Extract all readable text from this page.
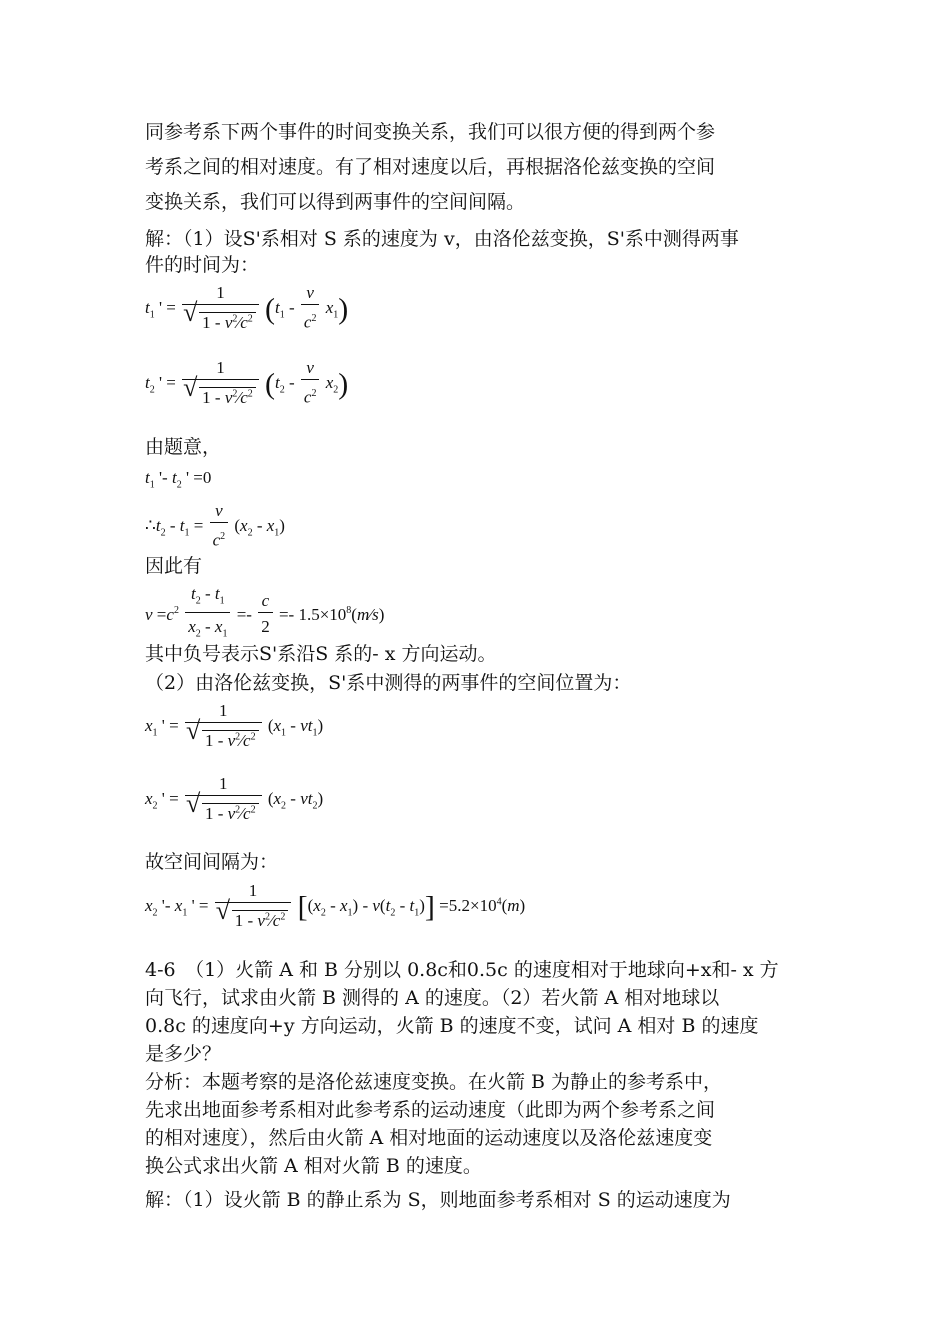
同参考系下两个事件的时间变换关系，我们可以很方便的得到两个参
考系之间的相对速度。有了相对速度以后，再根据洛伦兹变换的空间
变换关系，我们可以得到两事件的空间间隔。
解：（1）设S'系相对 S 系的速度为 v，由洛伦兹变换，S'系中测得两事
件的时间为：
$t_1$ ' = 1
√ $1 - v^2⁄c^2$ $(t_1 - \frac{v}{c^2} x_1)$
$t_2$ ' = 1
√ $1 - v^2⁄c^2$ $(t_2 - \frac{v}{c^2} x_2)$
由题意，
$t_1$ '- $t_2$ ' =0
$\therefore t_2 - t_1 = \frac{v}{c^2} (x_2 - x_1)$
因此有
$v =c^2 \frac{t_2 - t_1}{x_2 - x_1} =- \frac{c}{2}$ =- $1.5\times 10^8(m⁄s)$
其中负号表示S'系沿S 系的- x 方向运动。
（2）由洛伦兹变换，S'系中测得的两事件的空间位置为：
$x_1$ ' = 1
√ $1 - v^2⁄c^2$ $(x_1 - vt_1)$
$x_2$ ' = 1
√ $1 - v^2⁄c^2$ $(x_2 - vt_2)$
故空间间隔为：
$x_2$ '- $x_1$ ' = 1
√ $1 - v^2⁄c^2$ $[(x_2 - x_1) - v(t_2 - t_1)] =5.2\times 10^4(m)$
4-6　（1）火箭 A 和 B 分别以 0.8c和0.5c 的速度相对于地球向+x和- x 方
向飞行，试求由火箭 B 测得的 A 的速度。（2）若火箭 A 相对地球以
0.8c 的速度向+y 方向运动，火箭 B 的速度不变，试问 A 相对 B 的速度
是多少？
分析：本题考察的是洛伦兹速度变换。在火箭 B 为静止的参考系中，
先求出地面参考系相对此参考系的运动速度（此即为两个参考系之间
的相对速度），然后由火箭 A 相对地面的运动速度以及洛伦兹速度变
换公式求出火箭 A 相对火箭 B 的速度。
解：（1）设火箭 B 的静止系为 S，则地面参考系相对 S 的运动速度为
